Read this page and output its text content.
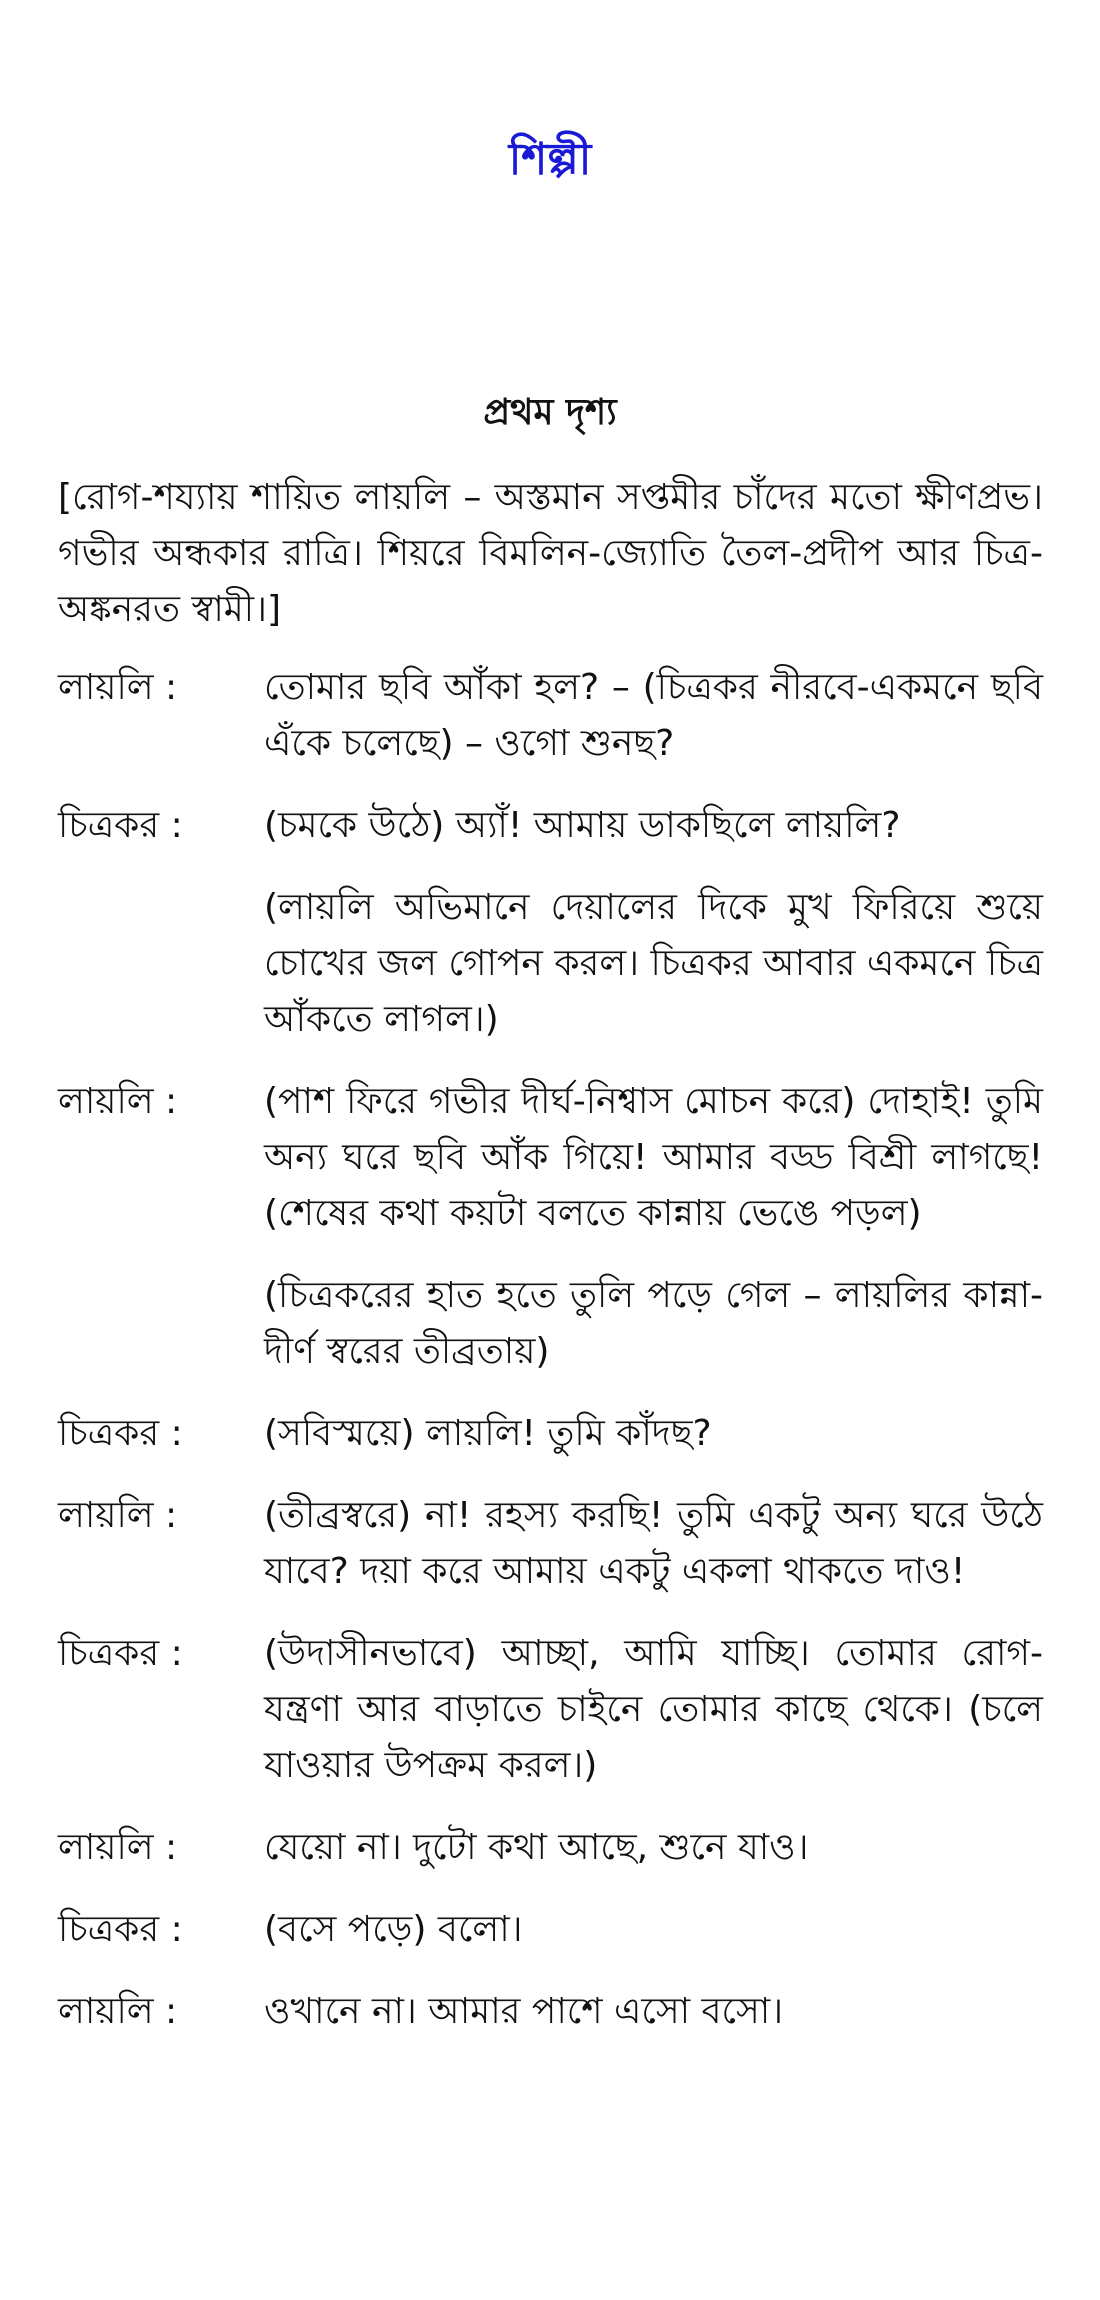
শিল্পী
প্রথম দৃশ্য
[রোগ-শয্যায় শায়িত লায়লি – অস্তমান সপ্তমীর চাঁদের মতো ক্ষীণপ্রভ। গভীর অন্ধকার রাত্রি। শিয়রে বিমলিন-জ্যোতি তৈল-প্রদীপ আর চিত্র-অঙ্কনরত স্বামী।]
লায়লি :	তোমার ছবি আঁকা হল? – (চিত্রকর নীরবে-একমনে ছবি এঁকে চলেছে) – ওগো শুনছ?
চিত্রকর :	(চমকে উঠে) অ্যাঁ! আমায় ডাকছিলে লায়লি?
(লায়লি অভিমানে দেয়ালের দিকে মুখ ফিরিয়ে শুয়ে চোখের জল গোপন করল। চিত্রকর আবার একমনে চিত্র আঁকতে লাগল।)
লায়লি :	(পাশ ফিরে গভীর দীর্ঘ-নিশ্বাস মোচন করে) দোহাই! তুমি অন্য ঘরে ছবি আঁক গিয়ে! আমার বড্ড বিশ্রী লাগছে! (শেষের কথা কয়টা বলতে কান্নায় ভেঙে পড়ল)
(চিত্রকরের হাত হতে তুলি পড়ে গেল – লায়লির কান্না-দীর্ণ স্বরের তীব্রতায়)
চিত্রকর :	(সবিস্ময়ে) লায়লি! তুমি কাঁদছ?
লায়লি :	(তীব্রস্বরে) না! রহস্য করছি! তুমি একটু অন্য ঘরে উঠে যাবে? দয়া করে আমায় একটু একলা থাকতে দাও!
চিত্রকর :	(উদাসীনভাবে) আচ্ছা, আমি যাচ্ছি। তোমার রোগ-যন্ত্রণা আর বাড়াতে চাইনে তোমার কাছে থেকে। (চলে যাওয়ার উপক্রম করল।)
লায়লি :	যেয়ো না। দুটো কথা আছে, শুনে যাও।
চিত্রকর :	(বসে পড়ে) বলো।
লায়লি :	ওখানে না। আমার পাশে এসো বসো।
